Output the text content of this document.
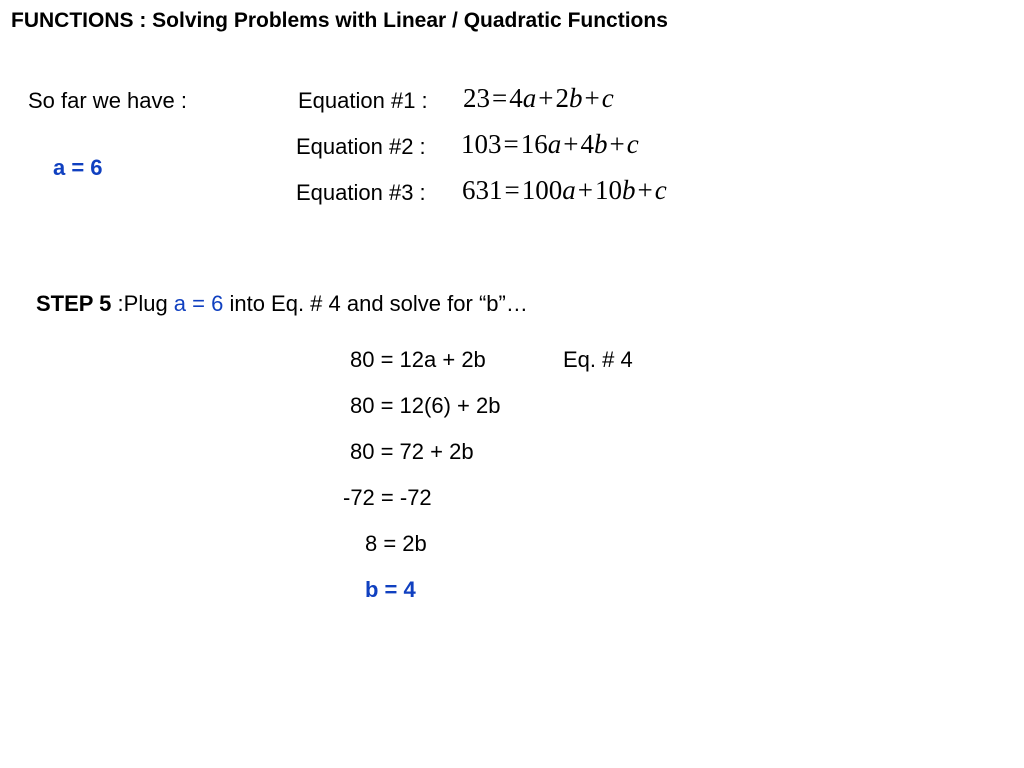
FUNCTIONS : Solving Problems with Linear / Quadratic Functions
So far we have :
a = 6
Equation #1 : 23=4a+2b+c
Equation #2 : 103=16a+4b+c
Equation #3 : 631=100a+10b+c
STEP 5 :Plug a = 6 into Eq. # 4 and solve for “b”…
80 = 12a + 2b	Eq. # 4
80 = 12(6) + 2b
80 = 72 + 2b
-72 = -72
8 = 2b
b = 4
